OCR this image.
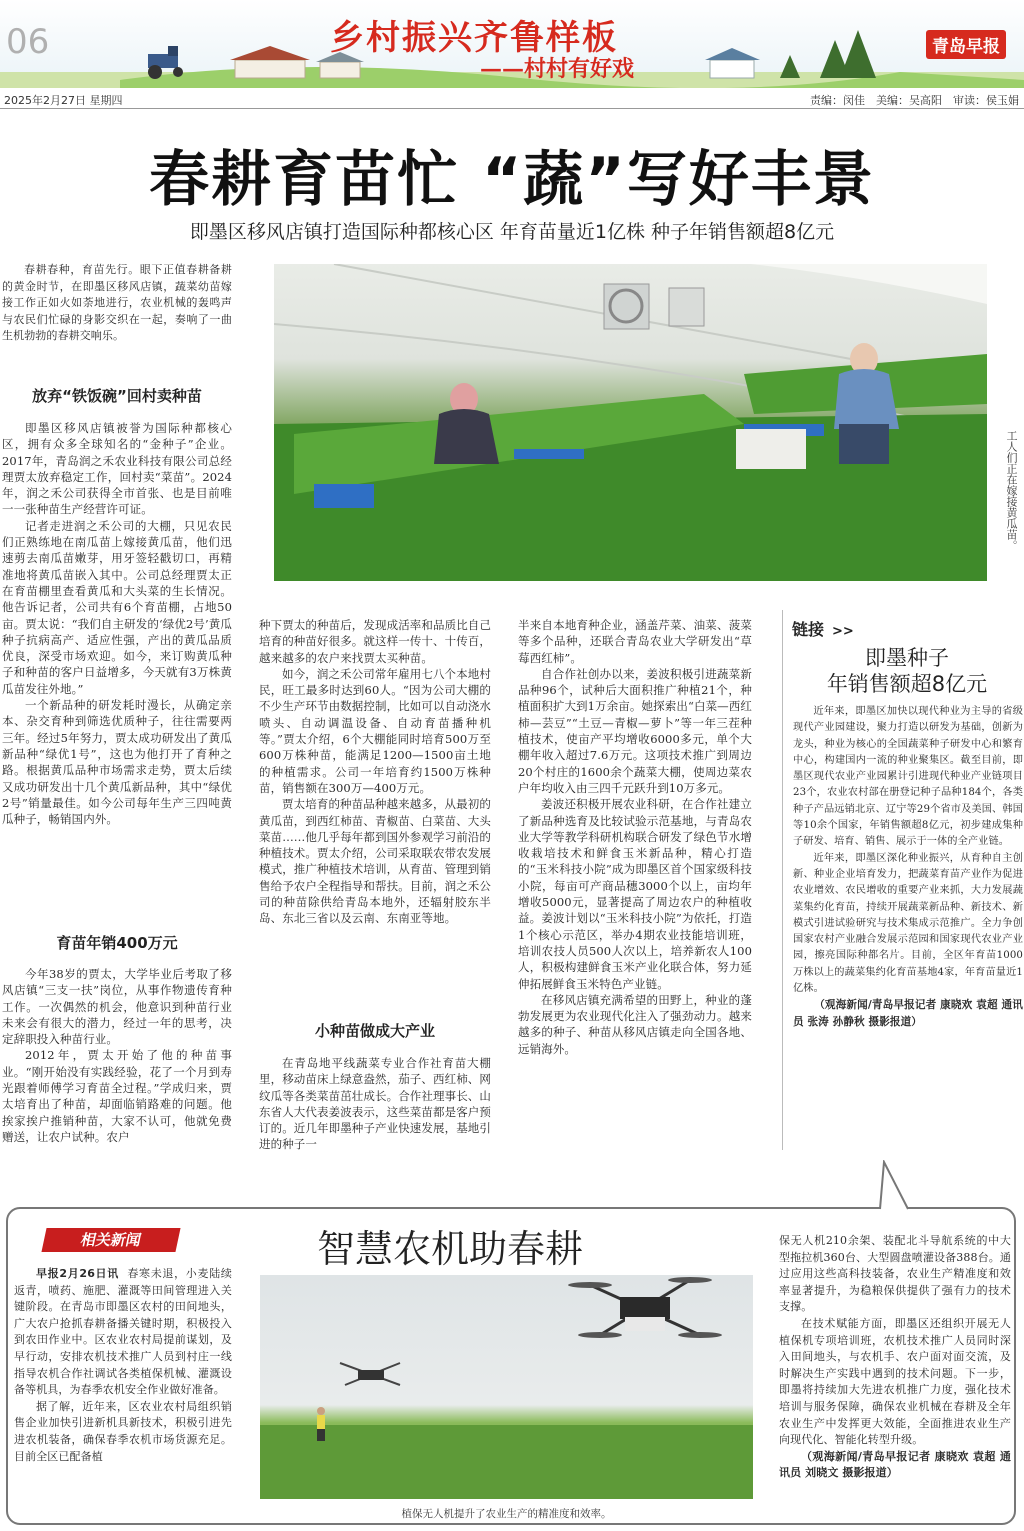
06	乡村振兴齐鲁样板
——村村有好戏
青岛早报
2025年2月27日 星期四	责编：闵佳　美编：吴高阳　审读：侯玉娟
春耕育苗忙 “蔬”写好丰景
即墨区移风店镇打造国际种都核心区 年育苗量近1亿株 种子年销售额超8亿元

春耕春种，育苗先行。眼下正值春耕备耕的黄金时节，在即墨区移风店镇，蔬菜幼苗嫁接工作正如火如荼地进行，农业机械的轰鸣声与农民们忙碌的身影交织在一起，奏响了一曲生机勃勃的春耕交响乐。

放弃“铁饭碗”回村卖种苗

即墨区移风店镇被誉为国际种都核心区，拥有众多全球知名的“金种子”企业。2017年，青岛润之禾农业科技有限公司总经理贾太放弃稳定工作，回村卖“菜苗”。2024年，润之禾公司获得全市首张、也是目前唯一一张种苗生产经营许可证。

记者走进润之禾公司的大棚，只见农民们正熟练地在南瓜苗上嫁接黄瓜苗，他们迅速剪去南瓜苗嫩芽，用牙签轻戳切口，再精准地将黄瓜苗嵌入其中。公司总经理贾太正在育苗棚里查看黄瓜和大头菜的生长情况。他告诉记者，公司共有6个育苗棚，占地50亩。贾太说：“我们自主研发的‘绿优2号’黄瓜种子抗病高产、适应性强，产出的黄瓜品质优良，深受市场欢迎。如今，来订购黄瓜种子和种苗的客户日益增多，今天就有3万株黄瓜苗发往外地。”

一个新品种的研发耗时漫长，从确定亲本、杂交育种到筛选优质种子，往往需要两三年。经过5年努力，贾太成功研发出了黄瓜新品种“绿优1号”，这也为他打开了育种之路。根据黄瓜品种市场需求走势，贾太后续又成功研发出十几个黄瓜新品种，其中“绿优2号”销量最佳。如今公司每年生产三四吨黄瓜种子，畅销国内外。

育苗年销400万元

今年38岁的贾太，大学毕业后考取了移风店镇“三支一扶”岗位，从事作物遗传育种工作。一次偶然的机会，他意识到种苗行业未来会有很大的潜力，经过一年的思考，决定辞职投入种苗行业。

2012年，贾太开始了他的种苗事业。“刚开始没有实践经验，花了一个月到寿光跟着师傅学习育苗全过程。”学成归来，贾太培育出了种苗，却面临销路难的问题。他挨家挨户推销种苗，大家不认可，他就免费赠送，让农户试种。农户

工人们正在嫁接黄瓜苗。

种下贾太的种苗后，发现成活率和品质比自己培育的种苗好很多。就这样一传十、十传百，越来越多的农户来找贾太买种苗。

如今，润之禾公司常年雇用七八个本地村民，旺工最多时达到60人。“因为公司大棚的不少生产环节由数据控制，比如可以自动浇水喷头、自动调温设备、自动育苗播种机等。”贾太介绍，6个大棚能同时培育500万至600万株种苗，能满足1200—1500亩土地的种植需求。公司一年培育约1500万株种苗，销售额在300万—400万元。

贾太培育的种苗品种越来越多，从最初的黄瓜苗，到西红柿苗、青椒苗、白菜苗、大头菜苗……他几乎每年都到国外参观学习前沿的种植技术。贾太介绍，公司采取联农带农发展模式，推广种植技术培训，从育苗、管理到销售给予农户全程指导和帮扶。目前，润之禾公司的种苗除供给青岛本地外，还辐射胶东半岛、东北三省以及云南、东南亚等地。

小种苗做成大产业

在青岛地平线蔬菜专业合作社育苗大棚里，移动苗床上绿意盎然，茄子、西红柿、网纹瓜等各类菜苗茁壮成长。合作社理事长、山东省人大代表姜波表示，这些菜苗都是客户预订的。近几年即墨种子产业快速发展，基地引进的种子一

半来自本地育种企业，涵盖芹菜、油菜、菠菜等多个品种，还联合青岛农业大学研发出“草莓西红柿”。

自合作社创办以来，姜波积极引进蔬菜新品种96个，试种后大面积推广种植21个，种植面积扩大到1万余亩。她探索出“白菜—西红柿—芸豆”“土豆—青椒—萝卜”等一年三茬种植技术，使亩产平均增收6000多元，单个大棚年收入超过7.6万元。这项技术推广到周边20个村庄的1600余个蔬菜大棚，使周边菜农户年均收入由三四千元跃升到10万多元。

姜波还积极开展农业科研，在合作社建立了新品种选育及比较试验示范基地，与青岛农业大学等教学科研机构联合研发了绿色节水增收栽培技术和鲜食玉米新品种，精心打造的“玉米科技小院”成为即墨区首个国家级科技小院，每亩可产商品穗3000个以上，亩均年增收5000元，显著提高了周边农户的种植收益。姜波计划以“玉米科技小院”为依托，打造1个核心示范区，举办4期农业技能培训班，培训农技人员500人次以上，培养新农人100人，积极构建鲜食玉米产业化联合体，努力延伸拓展鲜食玉米特色产业链。

在移风店镇充满希望的田野上，种业的蓬勃发展更为农业现代化注入了强劲动力。越来越多的种子、种苗从移风店镇走向全国各地、远销海外。

链接 >>
即墨种子
年销售额超8亿元

近年来，即墨区加快以现代种业为主导的省级现代产业园建设，聚力打造以研发为基础，创新为龙头，种业为核心的全国蔬菜种子研发中心和繁育中心，构建国内一流的种业聚集区。截至目前，即墨区现代农业产业园累计引进现代种业产业链项目23个，农业农村部在册登记种子品种184个，各类种子产品远销北京、辽宁等29个省市及美国、韩国等10余个国家，年销售额超8亿元，初步建成集种子研发、培育、销售、展示于一体的全产业链。

近年来，即墨区深化种业振兴，从育种自主创新、种业企业培育发力，把蔬菜育苗产业作为促进农业增效、农民增收的重要产业来抓，大力发展蔬菜集约化育苗，持续开展蔬菜新品种、新技术、新模式引进试验研究与技术集成示范推广。全力争创国家农村产业融合发展示范园和国家现代农业产业园，擦亮国际种都名片。目前，全区年育苗1000万株以上的蔬菜集约化育苗基地4家，年育苗量近1亿株。

（观海新闻/青岛早报记者 康晓欢 袁超 通讯员 张涛 孙静秋 摄影报道）

相关新闻

早报2月26日讯 春寒未退，小麦陆续返青，喷药、施肥、灌溉等田间管理进入关键阶段。在青岛市即墨区农村的田间地头，广大农户抢抓春耕备播关键时期，积极投入到农田作业中。区农业农村局提前谋划，及早行动，安排农机技术推广人员到村庄一线指导农机合作社调试各类植保机械、灌溉设备等机具，为春季农机安全作业做好准备。

据了解，近年来，区农业农村局组织销售企业加快引进新机具新技术，积极引进先进农机装备，确保春季农机市场货源充足。目前全区已配备植

智慧农机助春耕
植保无人机提升了农业生产的精准度和效率。

保无人机210余架、装配北斗导航系统的中大型拖拉机360台、大型圆盘喷灌设备388台。通过应用这些高科技装备，农业生产精准度和效率显著提升，为稳粮保供提供了强有力的技术支撑。

在技术赋能方面，即墨区还组织开展无人植保机专项培训班，农机技术推广人员同时深入田间地头，与农机手、农户面对面交流，及时解决生产实践中遇到的技术问题。下一步，即墨将持续加大先进农机推广力度，强化技术培训与服务保障，确保农业机械在春耕及全年农业生产中发挥更大效能，全面推进农业生产向现代化、智能化转型升级。

（观海新闻/青岛早报记者 康晓欢 袁超 通讯员 刘晓文 摄影报道）
